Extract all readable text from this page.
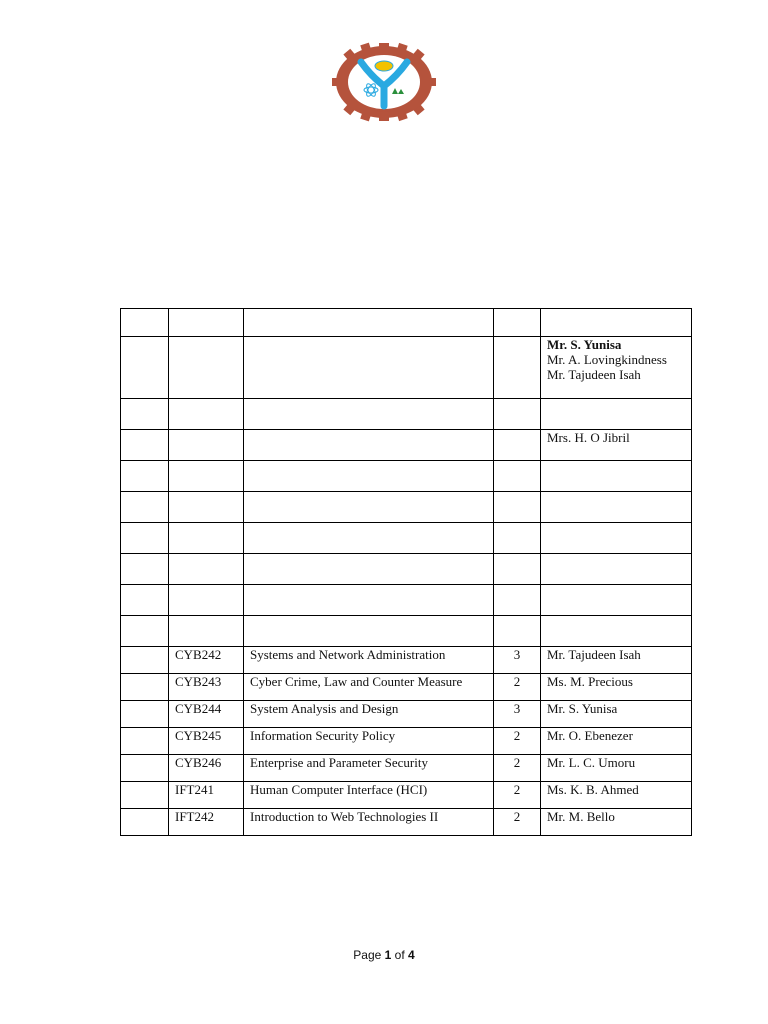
OSARA

				Mr. S. Yunisa
Mr. A. Lovingkindness
Mr. Tajudeen Isah

				Mrs. H. O Jibril

	CYB242	Systems and Network Administration	3	Mr. Tajudeen Isah

	CYB243	Cyber Crime, Law and Counter Measure	2	Ms. M. Precious

	CYB244	System Analysis and Design	3	Mr. S. Yunisa

	CYB245	Information Security Policy	2	Mr. O. Ebenezer

	CYB246	Enterprise and Parameter Security	2	Mr. L. C. Umoru

	IFT241	Human Computer Interface (HCI)	2	Ms. K. B. Ahmed

	IFT242	Introduction to Web Technologies II	2	Mr. M. Bello
Page 1 of 4
